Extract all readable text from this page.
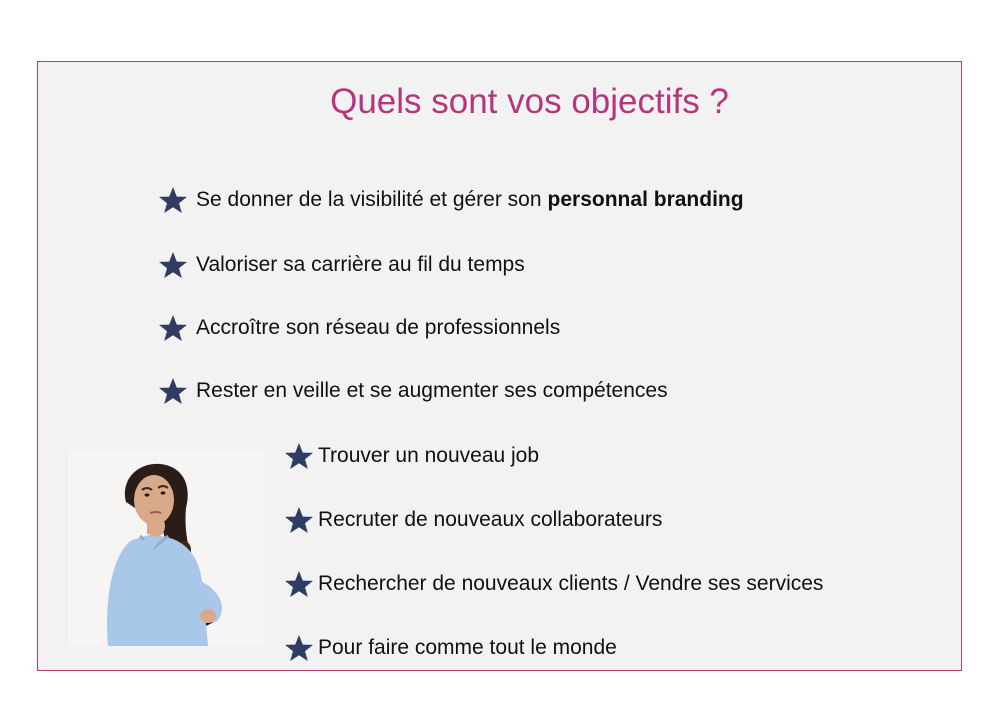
Quels sont vos objectifs ?
Se donner de la visibilité et gérer son personnal branding
Valoriser sa carrière au fil du temps
Accroître son réseau de professionnels
Rester en veille et se augmenter ses compétences
Trouver un nouveau job
Recruter de nouveaux collaborateurs
Rechercher de nouveaux clients / Vendre ses services
Pour faire comme tout le monde
